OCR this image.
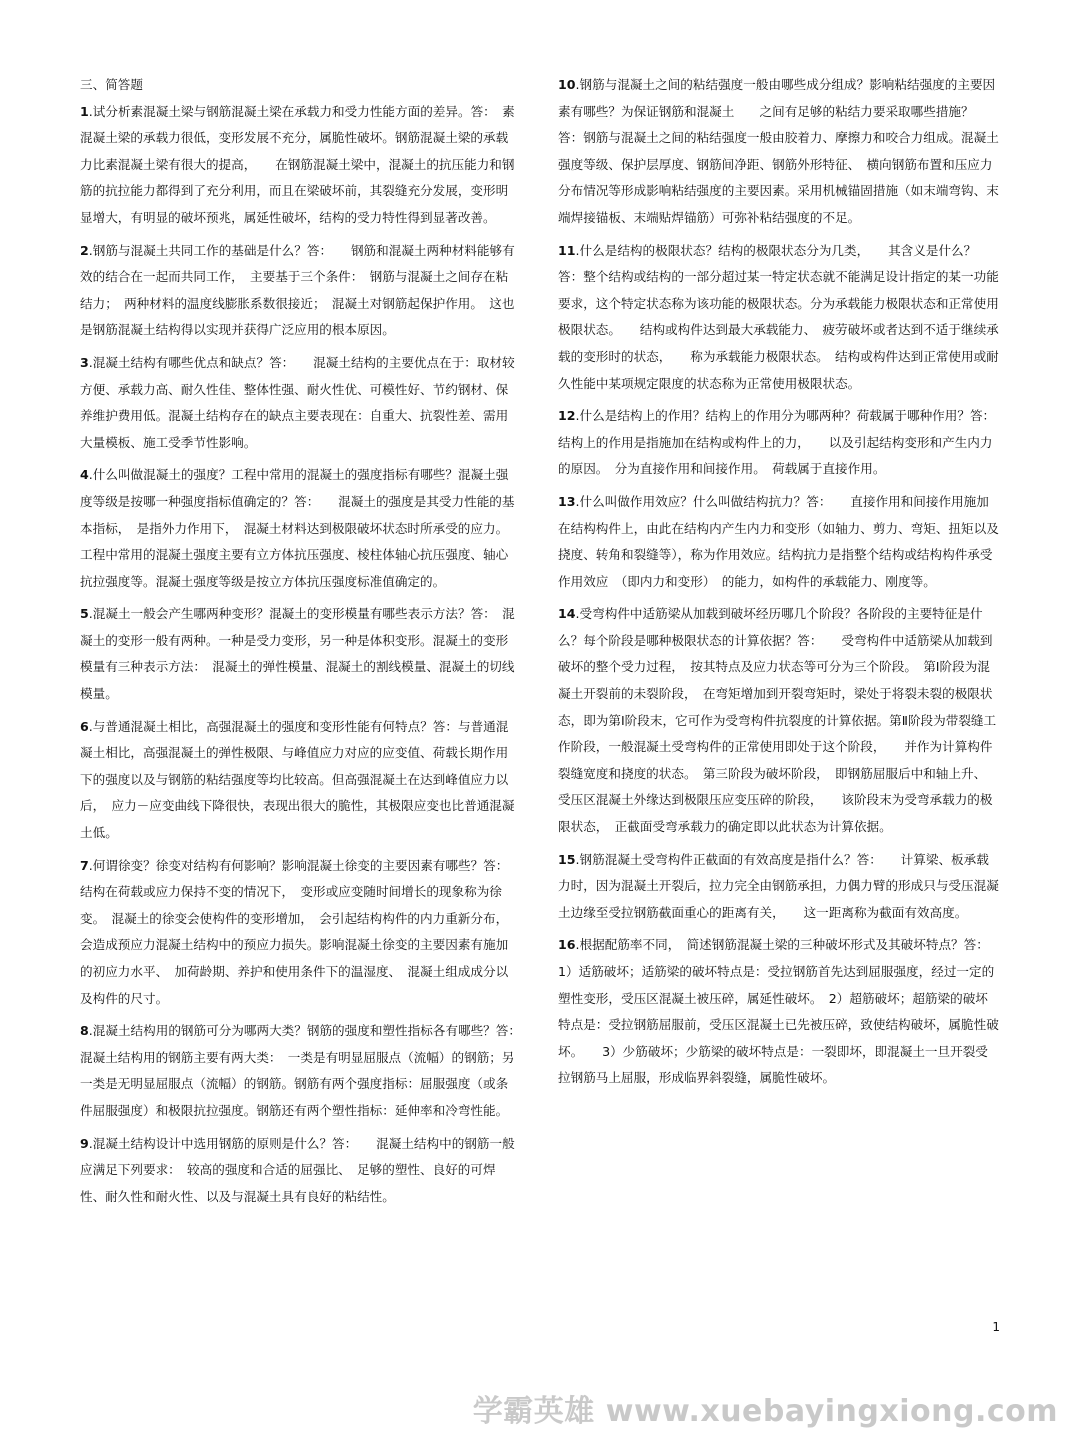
三、简答题

1.试分析素混凝土梁与钢筋混凝土梁在承载力和受力性能方面的差异。答：　素混凝土梁的承载力很低，变形发展不充分，属脆性破坏。钢筋混凝土梁的承载力比素混凝土梁有很大的提高，　　在钢筋混凝土梁中，混凝土的抗压能力和钢筋的抗拉能力都得到了充分利用，而且在梁破坏前，其裂缝充分发展，变形明显增大，有明显的破坏预兆，属延性破坏，结构的受力特性得到显著改善。

2.钢筋与混凝土共同工作的基础是什么？答：　　钢筋和混凝土两种材料能够有效的结合在一起而共同工作，　主要基于三个条件：　钢筋与混凝土之间存在粘结力；　两种材料的温度线膨胀系数很接近；　混凝土对钢筋起保护作用。　这也是钢筋混凝土结构得以实现并获得广泛应用的根本原因。

3.混凝土结构有哪些优点和缺点？答：　　混凝土结构的主要优点在于：取材较方便、承载力高、耐久性佳、整体性强、耐火性优、可模性好、节约钢材、保养维护费用低。混凝土结构存在的缺点主要表现在：自重大、抗裂性差、需用大量模板、施工受季节性影响。

4.什么叫做混凝土的强度？工程中常用的混凝土的强度指标有哪些？混凝土强度等级是按哪一种强度指标值确定的？答：　　混凝土的强度是其受力性能的基本指标，　是指外力作用下，　混凝土材料达到极限破坏状态时所承受的应力。　工程中常用的混凝土强度主要有立方体抗压强度、棱柱体轴心抗压强度、轴心抗拉强度等。混凝土强度等级是按立方体抗压强度标准值确定的。

5.混凝土一般会产生哪两种变形？混凝土的变形模量有哪些表示方法？答：　混凝土的变形一般有两种。一种是受力变形，另一种是体积变形。混凝土的变形模量有三种表示方法：　混凝土的弹性模量、混凝土的割线模量、混凝土的切线模量。

6.与普通混凝土相比，高强混凝土的强度和变形性能有何特点？答：与普通混凝土相比，高强混凝土的弹性极限、与峰值应力对应的应变值、荷载长期作用下的强度以及与钢筋的粘结强度等均比较高。但高强混凝土在达到峰值应力以后，　应力－应变曲线下降很快，表现出很大的脆性，其极限应变也比普通混凝土低。

7.何谓徐变？徐变对结构有何影响？影响混凝土徐变的主要因素有哪些？答：　结构在荷载或应力保持不变的情况下，　变形或应变随时间增长的现象称为徐变。　混凝土的徐变会使构件的变形增加，　会引起结构构件的内力重新分布，　会造成预应力混凝土结构中的预应力损失。影响混凝土徐变的主要因素有施加的初应力水平、　加荷龄期、养护和使用条件下的温湿度、　混凝土组成成分以及构件的尺寸。

8.混凝土结构用的钢筋可分为哪两大类？钢筋的强度和塑性指标各有哪些？答：　混凝土结构用的钢筋主要有两大类：　一类是有明显屈服点（流幅）的钢筋；另一类是无明显屈服点（流幅）的钢筋。钢筋有两个强度指标：屈服强度（或条件屈服强度）和极限抗拉强度。钢筋还有两个塑性指标：延伸率和冷弯性能。

9.混凝土结构设计中选用钢筋的原则是什么？答：　　混凝土结构中的钢筋一般应满足下列要求：　较高的强度和合适的屈强比、　足够的塑性、良好的可焊性、耐久性和耐火性、以及与混凝土具有良好的粘结性。

10.钢筋与混凝土之间的粘结强度一般由哪些成分组成？影响粘结强度的主要因素有哪些？为保证钢筋和混凝土　　之间有足够的粘结力要采取哪些措施？　答：钢筋与混凝土之间的粘结强度一般由胶着力、摩擦力和咬合力组成。混凝土强度等级、保护层厚度、钢筋间净距、钢筋外形特征、　横向钢筋布置和压应力分布情况等形成影响粘结强度的主要因素。采用机械锚固措施（如末端弯钩、末端焊接锚板、末端贴焊锚筋）可弥补粘结强度的不足。

11.什么是结构的极限状态？结构的极限状态分为几类，　　其含义是什么？答：整个结构或结构的一部分超过某一特定状态就不能满足设计指定的某一功能要求，这个特定状态称为该功能的极限状态。分为承载能力极限状态和正常使用极限状态。　　结构或构件达到最大承载能力、　疲劳破坏或者达到不适于继续承载的变形时的状态，　　称为承载能力极限状态。　结构或构件达到正常使用或耐久性能中某项规定限度的状态称为正常使用极限状态。

12.什么是结构上的作用？结构上的作用分为哪两种？荷载属于哪种作用？答：　结构上的作用是指施加在结构或构件上的力，　　以及引起结构变形和产生内力的原因。　分为直接作用和间接作用。　荷载属于直接作用。

13.什么叫做作用效应？什么叫做结构抗力？答：　　直接作用和间接作用施加在结构构件上，由此在结构内产生内力和变形（如轴力、剪力、弯矩、扭矩以及挠度、转角和裂缝等），称为作用效应。结构抗力是指整个结构或结构构件承受作用效应　（即内力和变形）　的能力，如构件的承载能力、刚度等。

14.受弯构件中适筋梁从加载到破坏经历哪几个阶段？各阶段的主要特征是什么？每个阶段是哪种极限状态的计算依据？答：　　受弯构件中适筋梁从加载到破坏的整个受力过程，　按其特点及应力状态等可分为三个阶段。　第Ⅰ阶段为混凝土开裂前的未裂阶段，　在弯矩增加到开裂弯矩时，梁处于将裂未裂的极限状态，即为第Ⅰ阶段末，它可作为受弯构件抗裂度的计算依据。第Ⅱ阶段为带裂缝工作阶段，一般混凝土受弯构件的正常使用即处于这个阶段，　　并作为计算构件裂缝宽度和挠度的状态。　第三阶段为破坏阶段，　即钢筋屈服后中和轴上升、　受压区混凝土外缘达到极限压应变压碎的阶段，　　该阶段末为受弯承载力的极限状态，　正截面受弯承载力的确定即以此状态为计算依据。

15.钢筋混凝土受弯构件正截面的有效高度是指什么？答：　　计算梁、板承载力时，因为混凝土开裂后，拉力完全由钢筋承担，力偶力臂的形成只与受压混凝土边缘至受拉钢筋截面重心的距离有关，　　这一距离称为截面有效高度。

16.根据配筋率不同，　简述钢筋混凝土梁的三种破坏形式及其破坏特点？答：1）适筋破坏；适筋梁的破坏特点是：受拉钢筋首先达到屈服强度，经过一定的塑性变形，受压区混凝土被压碎，属延性破坏。　2）超筋破坏；超筋梁的破坏特点是：受拉钢筋屈服前，受压区混凝土已先被压碎，致使结构破坏，属脆性破坏。　　3）少筋破坏；少筋梁的破坏特点是：一裂即坏，即混凝土一旦开裂受拉钢筋马上屈服，形成临界斜裂缝，属脆性破坏。

1
学霸英雄 www.xuebayingxiong.com
